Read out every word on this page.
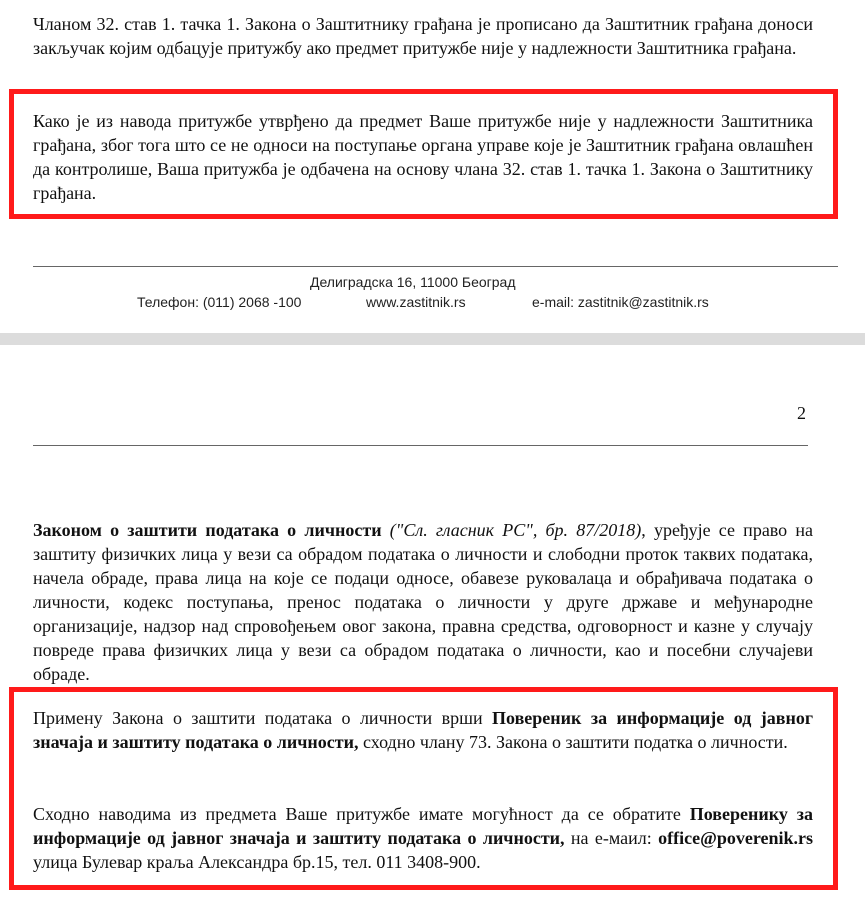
Чланом 32. став 1. тачка 1. Закона о Заштитнику грађана је прописано да Заштитник грађана доноси закључак којим одбацује притужбу ако предмет притужбе није у надлежности Заштитника грађана.

Како је из навода притужбе утврђено да предмет Ваше притужбе није у надлежности Заштитника грађана, због тога што се не односи на поступање органа управе које је Заштитник грађана овлашћен да контролише, Ваша притужба је одбачена на основу члана 32. став 1. тачка 1. Закона о Заштитнику грађана.

Делиградска 16, 11000 Београд
Телефон: (011) 2068 -100	www.zastitnik.rs	e-mail: zastitnik@zastitnik.rs
2

Законом о заштити података о личности ("Сл. гласник РС", бр. 87/2018), уређује се право на заштиту физичких лица у вези са обрадом података о личности и слободни проток таквих података, начела обраде, права лица на које се подаци односе, обавезе руковалаца и обрађивача података о личности, кодекс поступања, пренос података о личности у друге државе и међународне организације, надзор над спровођењем овог закона, правна средства, одговорност и казне у случају повреде права физичких лица у вези са обрадом података о личности, као и посебни случајеви обраде.

Примену Закона о заштити података о личности врши Повереник за информације од јавног значаја и заштиту података о личности, сходно члану 73. Закона о заштити податка о личности.

Сходно наводима из предмета Ваше притужбе имате могућност да се обратите Поверенику за информације од јавног значаја и заштиту података о личности, на е-маил: office@poverenik.rs улица Булевар краља Александра бр.15, тел. 011 3408-900.
